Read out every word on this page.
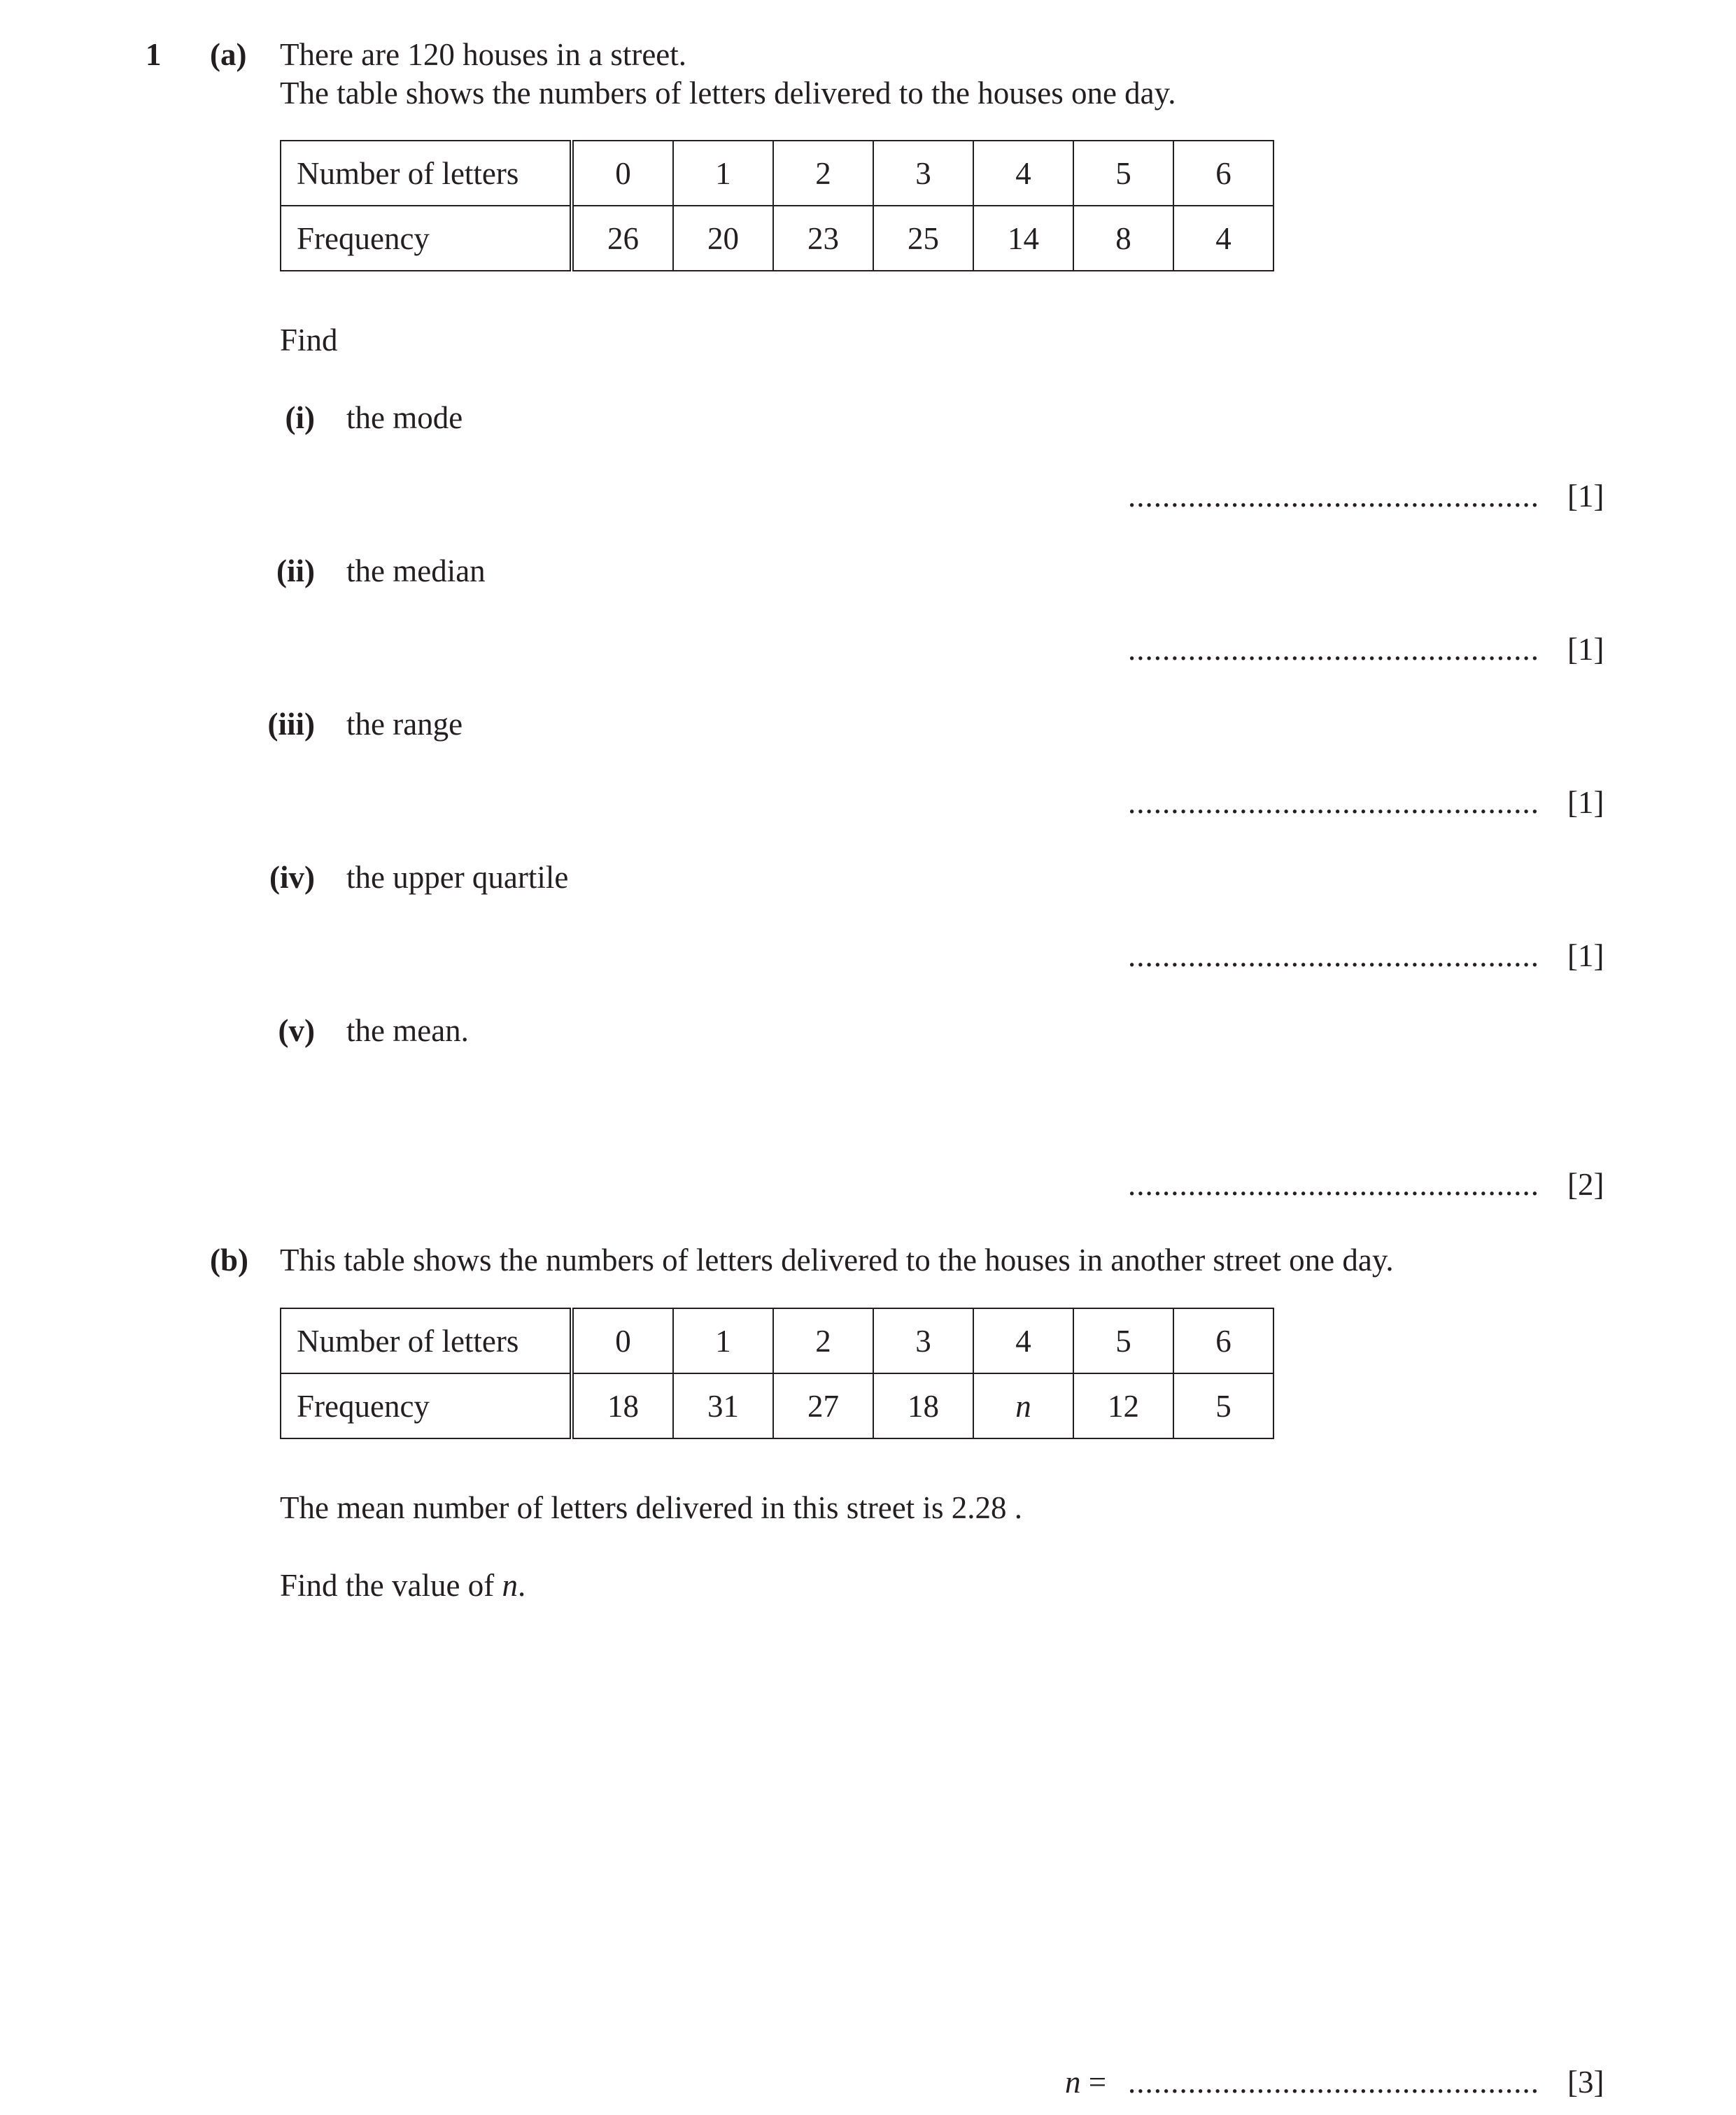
1 (a) There are 120 houses in a street.
The table shows the numbers of letters delivered to the houses one day.
Number of letters	0	1	2	3	4	5	6
Frequency	26	20	23	25	14	8	4
Find
(i) the mode
................................................ [1]
(ii) the median
................................................ [1]
(iii) the range
................................................ [1]
(iv) the upper quartile
................................................ [1]
(v) the mean.
................................................ [2]
(b) This table shows the numbers of letters delivered to the houses in another street one day.
Number of letters	0	1	2	3	4	5	6
Frequency	18	31	27	18	n	12	5
The mean number of letters delivered in this street is 2.28 .
Find the value of n.
n = ................................................ [3]
